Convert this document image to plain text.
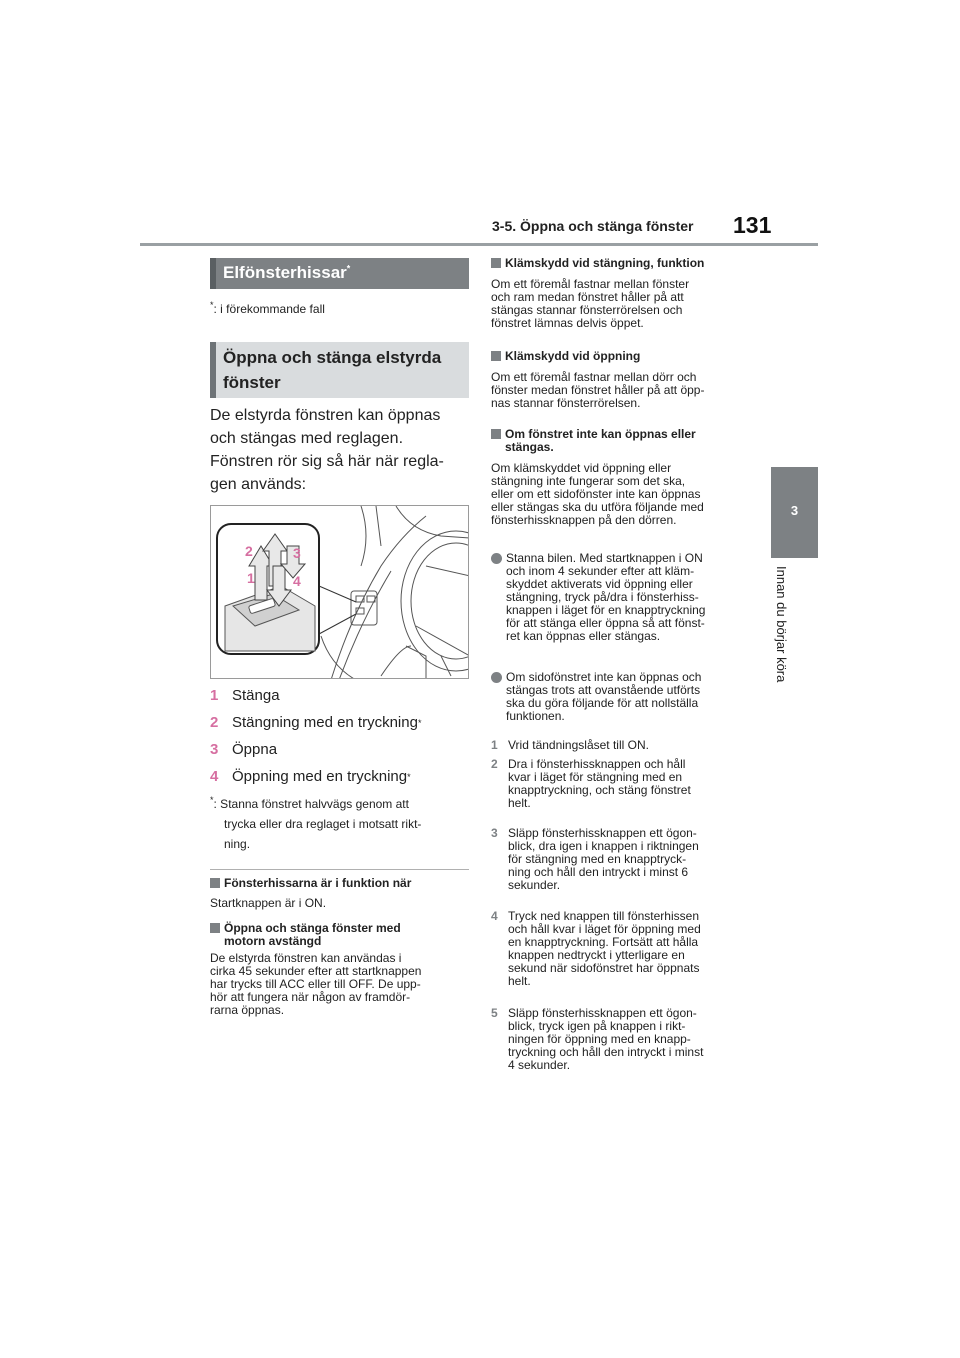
3-5. Öppna och stänga fönster 131
3
Innan du börjar köra
Elfönsterhissar*
*: i förekommande fall
Öppna och stänga elstyrda fönster
De elstyrda fönstren kan öppnas
och stängas med reglagen.
Fönstren rör sig så här när regla-
gen används:
1
2	3
4
1 Stänga
2 Stängning med en tryckning *
3 Öppna
4 Öppning med en tryckning *
*: Stanna fönstret halvvägs genom att
trycka eller dra reglaget i motsatt rikt-
ning.
Fönsterhissarna är i funktion när
Startknappen är i ON.
Öppna och stänga fönster med
motorn avstängd
De elstyrda fönstren kan användas i
cirka 45 sekunder efter att startknappen
har trycks till ACC eller till OFF. De upp-
hör att fungera när någon av framdör-
rarna öppnas.
Klämskydd vid stängning, funktion
Om ett föremål fastnar mellan fönster
och ram medan fönstret håller på att
stängas stannar fönsterrörelsen och
fönstret lämnas delvis öppet.
Klämskydd vid öppning
Om ett föremål fastnar mellan dörr och
fönster medan fönstret håller på att öpp-
nas stannar fönsterrörelsen.
Om fönstret inte kan öppnas eller
stängas.
Om klämskyddet vid öppning eller
stängning inte fungerar som det ska,
eller om ett sidofönster inte kan öppnas
eller stängas ska du utföra följande med
fönsterhissknappen på den dörren.
Stanna bilen. Med startknappen i ON
och inom 4 sekunder efter att kläm-
skyddet aktiverats vid öppning eller
stängning, tryck på/dra i fönsterhiss-
knappen i läget för en knapptryckning
för att stänga eller öppna så att fönst-
ret kan öppnas eller stängas.
Om sidofönstret inte kan öppnas och
stängas trots att ovanstående utförts
ska du göra följande för att nollställa
funktionen.
1 Vrid tändningslåset till ON.
2 Dra i fönsterhissknappen och håll
kvar i läget för stängning med en
knapptryckning, och stäng fönstret
helt.
3 Släpp fönsterhissknappen ett ögon-
blick, dra igen i knappen i riktningen
för stängning med en knapptryck-
ning och håll den intryckt i minst 6
sekunder.
4 Tryck ned knappen till fönsterhissen
och håll kvar i läget för öppning med
en knapptryckning. Fortsätt att hålla
knappen nedtryckt i ytterligare en
sekund när sidofönstret har öppnats
helt.
5 Släpp fönsterhissknappen ett ögon-
blick, tryck igen på knappen i rikt-
ningen för öppning med en knapp-
tryckning och håll den intryckt i minst
4 sekunder.
